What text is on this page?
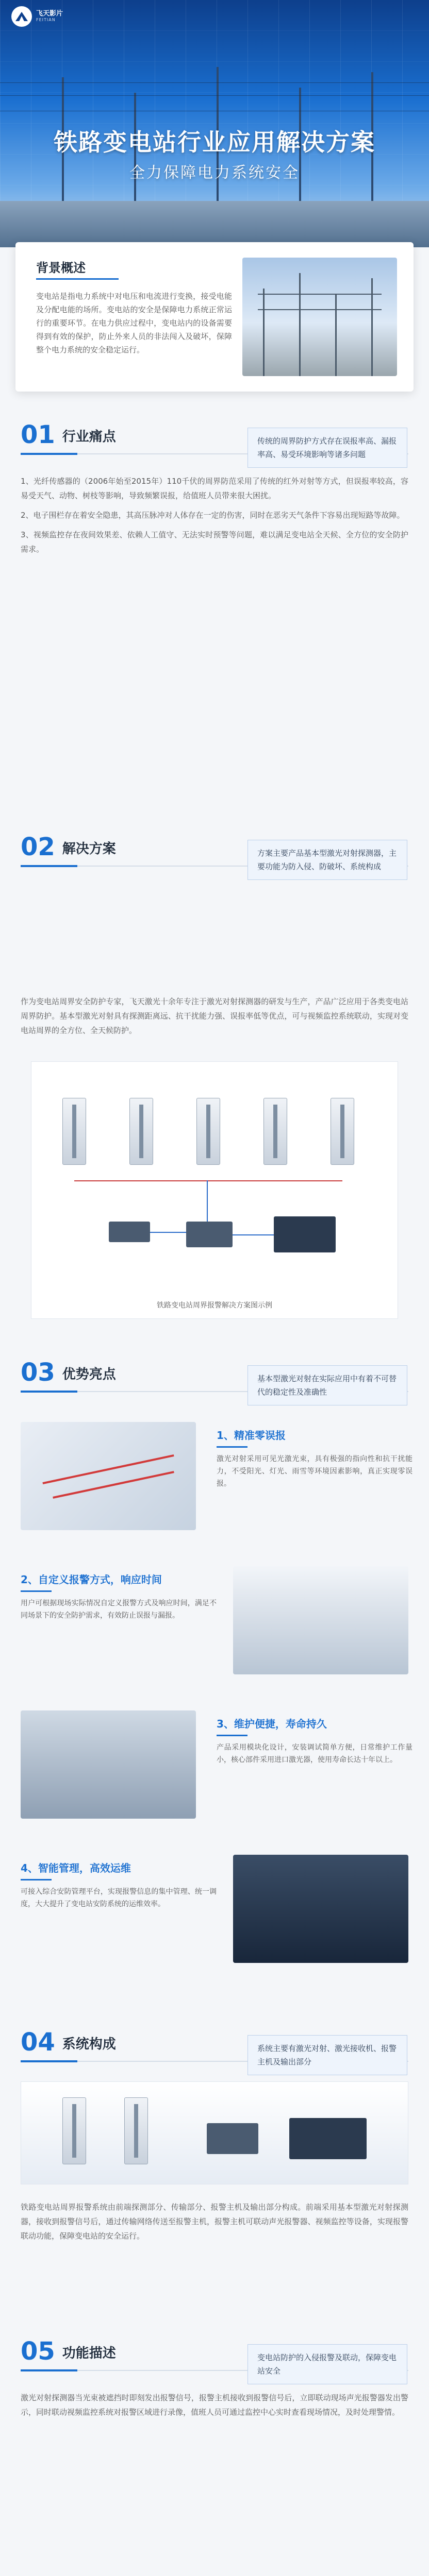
飞天影片
FEITIAN
铁路变电站行业应用解决方案
全力保障电力系统安全
背景概述
变电站是指电力系统中对电压和电流进行变换，接受电能及分配电能的场所。变电站的安全是保障电力系统正常运行的重要环节。在电力供应过程中，变电站内的设备需要得到有效的保护，防止外来人员的非法闯入及破坏，保障整个电力系统的安全稳定运行。
01 行业痛点	传统的周界防护方式存在误报率高、漏报率高、易受环境影响等诸多问题

1、光纤传感器的（2006年始至2015年）110千伏的周界防范采用了传统的红外对射等方式，但误报率较高，容易受天气、动物、树枝等影响，导致频繁误报，给值班人员带来很大困扰。

2、电子围栏存在着安全隐患，其高压脉冲对人体存在一定的伤害，同时在恶劣天气条件下容易出现短路等故障。

3、视频监控存在夜间效果差、依赖人工值守、无法实时预警等问题，难以满足变电站全天候、全方位的安全防护需求。

02 解决方案	方案主要产品基本型激光对射探测器，主要功能为防入侵、防破坏、系统构成
作为变电站周界安全防护专家，飞天激光十余年专注于激光对射探测器的研发与生产，产品广泛应用于各类变电站周界防护。基本型激光对射具有探测距离远、抗干扰能力强、误报率低等优点，可与视频监控系统联动，实现对变电站周界的全方位、全天候防护。
铁路变电站周界报警解决方案图示例
03 优势亮点	基本型激光对射在实际应用中有着不可替代的稳定性及准确性
1、精准零误报
激光对射采用可见光激光束，具有极强的指向性和抗干扰能力，不受阳光、灯光、雨雪等环境因素影响，真正实现零误报。
2、自定义报警方式，响应时间
用户可根据现场实际情况自定义报警方式及响应时间，满足不同场景下的安全防护需求，有效防止误报与漏报。
3、维护便捷，寿命持久
产品采用模块化设计，安装调试简单方便，日常维护工作量小，核心部件采用进口激光器，使用寿命长达十年以上。
4、智能管理，高效运维
可接入综合安防管理平台，实现报警信息的集中管理、统一调度，大大提升了变电站安防系统的运维效率。
04 系统构成	系统主要有激光对射、激光接收机、报警主机及输出部分
铁路变电站周界报警系统由前端探测部分、传输部分、报警主机及输出部分构成。前端采用基本型激光对射探测器，接收到报警信号后，通过传输网络传送至报警主机，报警主机可联动声光报警器、视频监控等设备，实现报警联动功能，保障变电站的安全运行。
05 功能描述	变电站防护的入侵报警及联动，保障变电站安全
激光对射探测器当光束被遮挡时即刻发出报警信号，报警主机接收到报警信号后，立即联动现场声光报警器发出警示，同时联动视频监控系统对报警区域进行录像，值班人员可通过监控中心实时查看现场情况，及时处理警情。
